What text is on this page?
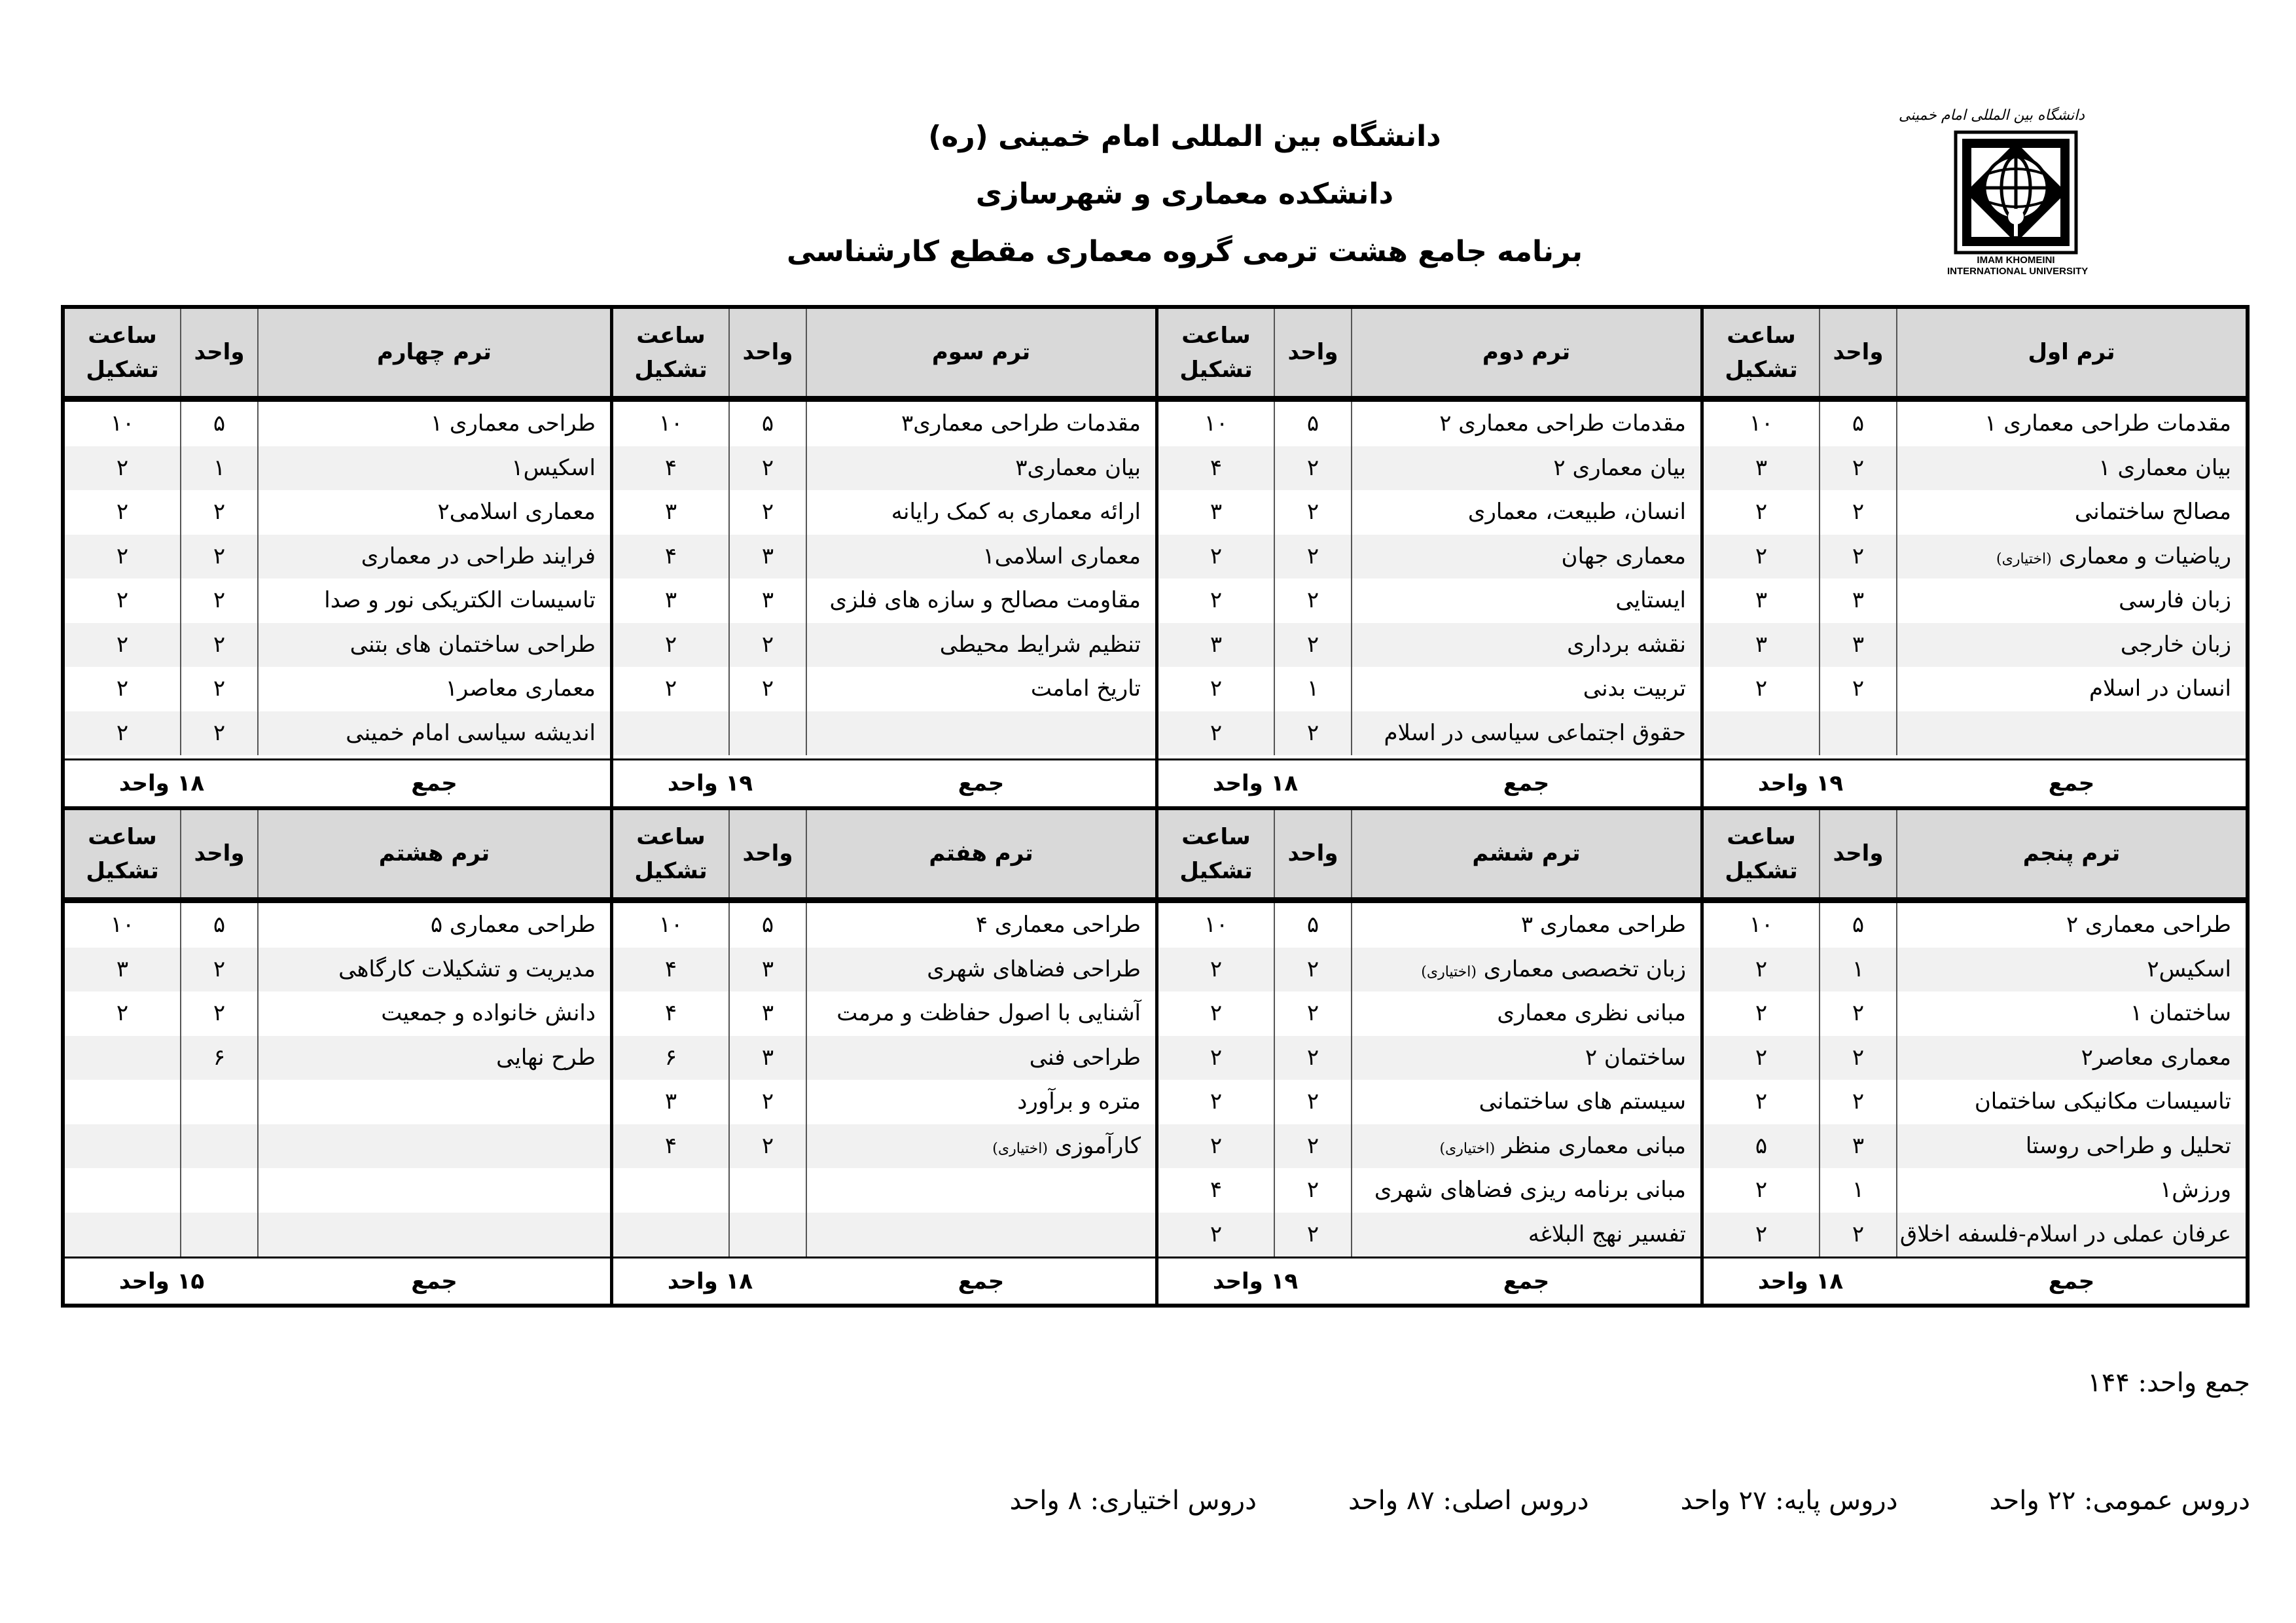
دانشگاه بین المللی امام خمینی (ره)
دانشکده معماری و شهرسازی
برنامه جامع هشت ترمی گروه معماری مقطع کارشناسی
دانشگاه بین المللی امام خمینی
IMAM KHOMEINI
INTERNATIONAL UNIVERSITY
ترم اول
واحد
ساعت
تشکیل
مقدمات طراحی معماری ۱
۵
۱۰
بیان معماری ۱
۲
۳
مصالح ساختمانی
۲
۲
ریاضیات و معماری (اختیاری)
۲
۲
زبان فارسی
۳
۳
زبان خارجی
۳
۳
انسان در اسلام
۲
۲
جمع
۱۹ واحد
ترم دوم
واحد
ساعت
تشکیل
مقدمات طراحی معماری ۲
۵
۱۰
بیان معماری ۲
۲
۴
انسان، طبیعت، معماری
۲
۳
معماری جهان
۲
۲
ایستایی
۲
۲
نقشه برداری
۲
۳
تربیت بدنی
۱
۲
حقوق اجتماعی سیاسی در اسلام
۲
۲
جمع
۱۸ واحد
ترم سوم
واحد
ساعت
تشکیل
مقدمات طراحی معماری۳
۵
۱۰
بیان معماری۳
۲
۴
ارائه معماری به کمک رایانه
۲
۳
معماری اسلامی۱
۳
۴
مقاومت مصالح و سازه های فلزی
۳
۳
تنظیم شرایط محیطی
۲
۲
تاریخ امامت
۲
۲
جمع
۱۹ واحد
ترم چهارم
واحد
ساعت
تشکیل
طراحی معماری ۱
۵
۱۰
اسکیس۱
۱
۲
معماری اسلامی۲
۲
۲
فرایند طراحی در معماری
۲
۲
تاسیسات الکتریکی نور و صدا
۲
۲
طراحی ساختمان های بتنی
۲
۲
معماری معاصر۱
۲
۲
اندیشه سیاسی امام خمینی
۲
۲
جمع
۱۸ واحد
ترم پنجم
واحد
ساعت
تشکیل
طراحی معماری ۲
۵
۱۰
اسکیس۲
۱
۲
ساختمان ۱
۲
۲
معماری معاصر۲
۲
۲
تاسیسات مکانیکی ساختمان
۲
۲
تحلیل و طراحی روستا
۳
۵
ورزش۱
۱
۲
عرفان عملی در اسلام-فلسفه اخلاق
۲
۲
جمع
۱۸ واحد
ترم ششم
واحد
ساعت
تشکیل
طراحی معماری ۳
۵
۱۰
زبان تخصصی معماری (اختیاری)
۲
۲
مبانی نظری معماری
۲
۲
ساختمان ۲
۲
۲
سیستم های ساختمانی
۲
۲
مبانی معماری منظر (اختیاری)
۲
۲
مبانی برنامه ریزی فضاهای شهری
۲
۴
تفسیر نهج البلاغه
۲
۲
جمع
۱۹ واحد
ترم هفتم
واحد
ساعت
تشکیل
طراحی معماری ۴
۵
۱۰
طراحی فضاهای شهری
۳
۴
آشنایی با اصول حفاظت و مرمت
۳
۴
طراحی فنی
۳
۶
متره و برآورد
۲
۳
کارآموزی (اختیاری)
۲
۴
جمع
۱۸ واحد
ترم هشتم
واحد
ساعت
تشکیل
طراحی معماری ۵
۵
۱۰
مدیریت و تشکیلات کارگاهی
۲
۳
دانش خانواده و جمعیت
۲
۲
طرح نهایی
۶
جمع
۱۵ واحد
جمع واحد: ۱۴۴
دروس عمومی: ۲۲ واحد
دروس پایه: ۲۷ واحد
دروس اصلی: ۸۷ واحد
دروس اختیاری: ۸ واحد
